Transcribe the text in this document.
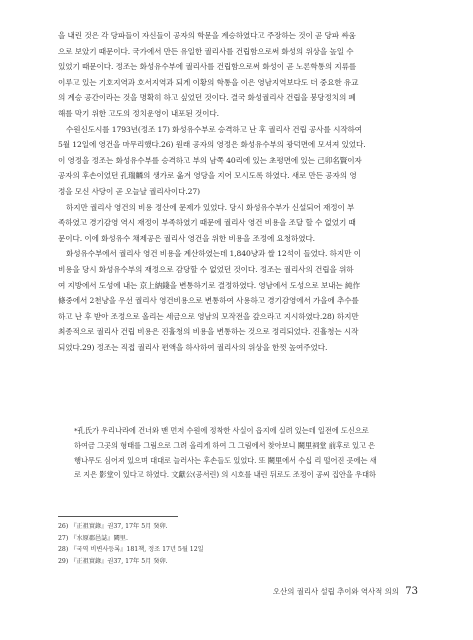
을 내린 것은 각 당파들이 자신들이 공자의 학문을 계승하였다고 주장하는 것이 곧 당파 싸움
으로 보았기 때문이다. 국가에서 만든 유일한 궐리사를 건립함으로써 화성의 위상을 높일 수
있었기 때문이다. 정조는 화성유수부에 궐리사를 건립함으로써 화성이 곧 노론학통의 지류를
이루고 있는 기호지역과 호서지역과 되게 이황의 학통을 이은 영남지역보다도 더 중요한 유교
의 계승 공간이라는 것을 명확히 하고 싶었던 것이다. 결국 화성궐리사 건립을 붕당정치의 폐
해를 막기 위한 고도의 정치운영이 내포된 것이다.
수원신도시를 1793년(정조 17) 화성유수부로 승격하고 난 후 궐리사 건립 공사를 시작하여
5월 12일에 영건을 마무리했다.26) 원래 공자의 영정은 화성유수부의 광덕면에 모셔져 있었다.
이 영정을 정조는 화성유수부를 승격하고 부의 남쪽 40리에 있는 초평면에 있는 己卯名賢이자
공자의 후손이었던 孔瑞麟의 생가로 옮겨 영당을 지어 모시도록 하였다. 새로 만든 공자의 영
정을 모신 사당이 곧 오늘날 궐리사이다.27)
하지만 궐리사 영건의 비용 정산에 문제가 있었다. 당시 화성유수부가 신설되어 재정이 부
족하였고 경기감영 역시 재정이 부족하였기 때문에 궐리사 영건 비용을 조달 할 수 없었기 때
문이다. 이에 화성유수 채제공은 궐리사 영건을 위한 비용을 조정에 요청하였다.
화성유수부에서 궐리사 영건 비용을 계산하였는데 1,840냥과 쌀 12석이 들었다. 하지만 이
비용을 당시 화성유수부의 재정으로 감당할 수 없었던 것이다. 정조는 궐리사의 건립을 위하
여 지방에서 도성에 내는 京上納錢을 변통하기로 결정하였다. 영남에서 도성으로 보내는 純作
條중에서 2천냥을 우선 궐리사 영건비용으로 변통하여 사용하고 경기감영에서 가을에 추수를
하고 난 후 받아 조정으로 올리는 세금으로 영남의 모작전을 갚으라고 지시하였다.28) 하지만
최종적으로 궐리사 건립 비용은 진휼청의 비용을 변통하는 것으로 정리되었다. 진휼청는 시작
되었다.29) 정조는 직접 궐리사 편액을 하사하여 궐리사의 위상을 한껏 높여주었다.
*孔氏가 우리나라에 건너와 맨 먼저 수원에 정착한 사실이 읍지에 실려 있는데 일전에 도신으로
하여금 그곳의 형태를 그림으로 그려 올리게 하여 그 그림에서 찾아보니 闕里祠堂 前후로 있고 은
행나무도 심어져 있으며 대대로 늘러사는 후손들도 있었다. 또 闕里에서 수십 리 떨어진 곳에는 새
로 지은 影堂이 있다고 하였다. 文獻公(공서린) 의 시호를 내린 뒤로도 조정이 공씨 집안을 우대하
26) 『正祖實錄』권37, 17年 5月 癸卯.
27) 『水原郡邑誌』闕里.
28) 『국역 비변사등록』181책, 정조 17년 5월 12일
29) 『正祖實錄』권37, 17年 5月 癸卯.
오산의 궐리사 설립 추이와 역사적 의의 73
